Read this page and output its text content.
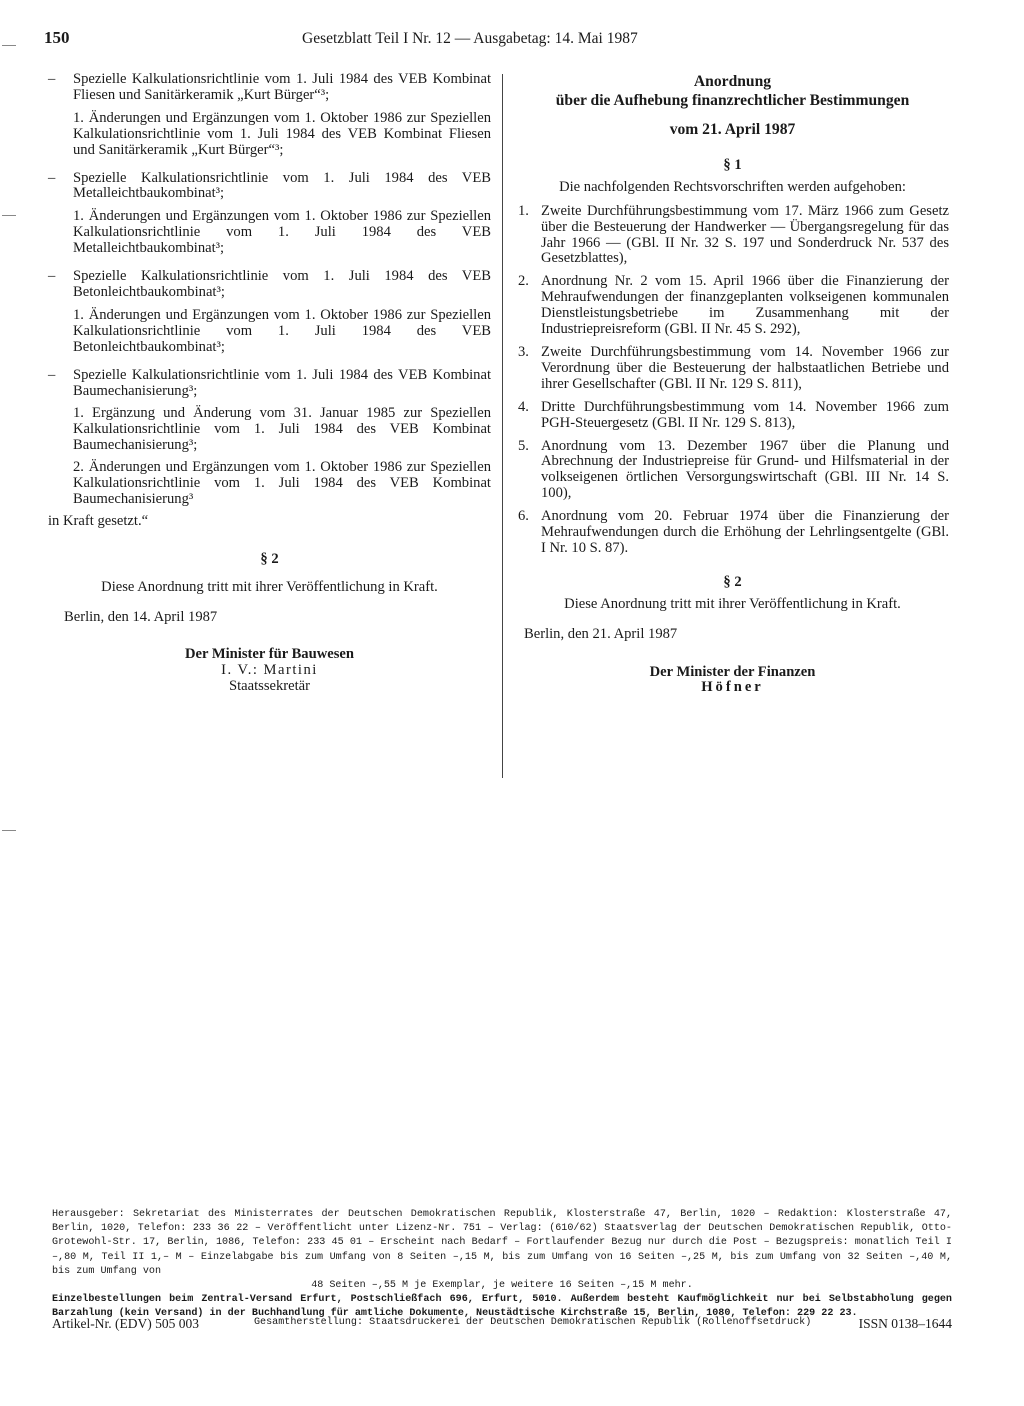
150	Gesetzblatt Teil I Nr. 12 — Ausgabetag: 14. Mai 1987
– Spezielle Kalkulationsrichtlinie vom 1. Juli 1984 des VEB Kombinat Fliesen und Sanitärkeramik „Kurt Bürger“³;
1. Änderungen und Ergänzungen vom 1. Oktober 1986 zur Speziellen Kalkulationsrichtlinie vom 1. Juli 1984 des VEB Kombinat Fliesen und Sanitärkeramik „Kurt Bürger“³;
– Spezielle Kalkulationsrichtlinie vom 1. Juli 1984 des VEB Metalleichtbaukombinat³;
1. Änderungen und Ergänzungen vom 1. Oktober 1986 zur Speziellen Kalkulationsrichtlinie vom 1. Juli 1984 des VEB Metalleichtbaukombinat³;
– Spezielle Kalkulationsrichtlinie vom 1. Juli 1984 des VEB Betonleichtbaukombinat³;
1. Änderungen und Ergänzungen vom 1. Oktober 1986 zur Speziellen Kalkulationsrichtlinie vom 1. Juli 1984 des VEB Betonleichtbaukombinat³;
– Spezielle Kalkulationsrichtlinie vom 1. Juli 1984 des VEB Kombinat Baumechanisierung³;
1. Ergänzung und Änderung vom 31. Januar 1985 zur Speziellen Kalkulationsrichtlinie vom 1. Juli 1984 des VEB Kombinat Baumechanisierung³;
2. Änderungen und Ergänzungen vom 1. Oktober 1986 zur Speziellen Kalkulationsrichtlinie vom 1. Juli 1984 des VEB Kombinat Baumechanisierung³
in Kraft gesetzt.“
§ 2
Diese Anordnung tritt mit ihrer Veröffentlichung in Kraft.
Berlin, den 14. April 1987
Der Minister für Bauwesen
I. V.: Martini
Staatssekretär
Anordnung
über die Aufhebung finanzrechtlicher Bestimmungen
vom 21. April 1987
§ 1
Die nachfolgenden Rechtsvorschriften werden aufgehoben:
1. Zweite Durchführungsbestimmung vom 17. März 1966 zum Gesetz über die Besteuerung der Handwerker — Übergangsregelung für das Jahr 1966 — (GBl. II Nr. 32 S. 197 und Sonderdruck Nr. 537 des Gesetzblattes),
2. Anordnung Nr. 2 vom 15. April 1966 über die Finanzierung der Mehraufwendungen der finanzgeplanten volkseigenen kommunalen Dienstleistungsbetriebe im Zusammenhang mit der Industriepreisreform (GBl. II Nr. 45 S. 292),
3. Zweite Durchführungsbestimmung vom 14. November 1966 zur Verordnung über die Besteuerung der halbstaatlichen Betriebe und ihrer Gesellschafter (GBl. II Nr. 129 S. 811),
4. Dritte Durchführungsbestimmung vom 14. November 1966 zum PGH-Steuergesetz (GBl. II Nr. 129 S. 813),
5. Anordnung vom 13. Dezember 1967 über die Planung und Abrechnung der Industriepreise für Grund- und Hilfsmaterial in der volkseigenen örtlichen Versorgungswirtschaft (GBl. III Nr. 14 S. 100),
6. Anordnung vom 20. Februar 1974 über die Finanzierung der Mehraufwendungen durch die Erhöhung der Lehrlingsentgelte (GBl. I Nr. 10 S. 87).
§ 2
Diese Anordnung tritt mit ihrer Veröffentlichung in Kraft.
Berlin, den 21. April 1987
Der Minister der Finanzen
Höfner
Herausgeber: Sekretariat des Ministerrates der Deutschen Demokratischen Republik, Klosterstraße 47, Berlin, 1020 – Redaktion: Klosterstraße 47, Berlin, 1020, Telefon: 233 36 22 – Veröffentlicht unter Lizenz-Nr. 751 – Verlag: (610/62) Staatsverlag der Deutschen Demokratischen Republik, Otto-Grotewohl-Str. 17, Berlin, 1086, Telefon: 233 45 01 – Erscheint nach Bedarf – Fortlaufender Bezug nur durch die Post – Bezugspreis: monatlich Teil I –,80 M, Teil II 1,– M – Einzelabgabe bis zum Umfang von 8 Seiten –,15 M, bis zum Umfang von 16 Seiten –,25 M, bis zum Umfang von 32 Seiten –,40 M, bis zum Umfang von
48 Seiten –,55 M je Exemplar, je weitere 16 Seiten –,15 M mehr.
Einzelbestellungen beim Zentral-Versand Erfurt, Postschließfach 696, Erfurt, 5010. Außerdem besteht Kaufmöglichkeit nur bei Selbstabholung gegen Barzahlung (kein Versand) in der Buchhandlung für amtliche Dokumente, Neustädtische Kirchstraße 15, Berlin, 1080, Telefon: 229 22 23.
Artikel-Nr. (EDV) 505 003	Gesamtherstellung: Staatsdruckerei der Deutschen Demokratischen Republik (Rollenoffsetdruck)	ISSN 0138–1644
